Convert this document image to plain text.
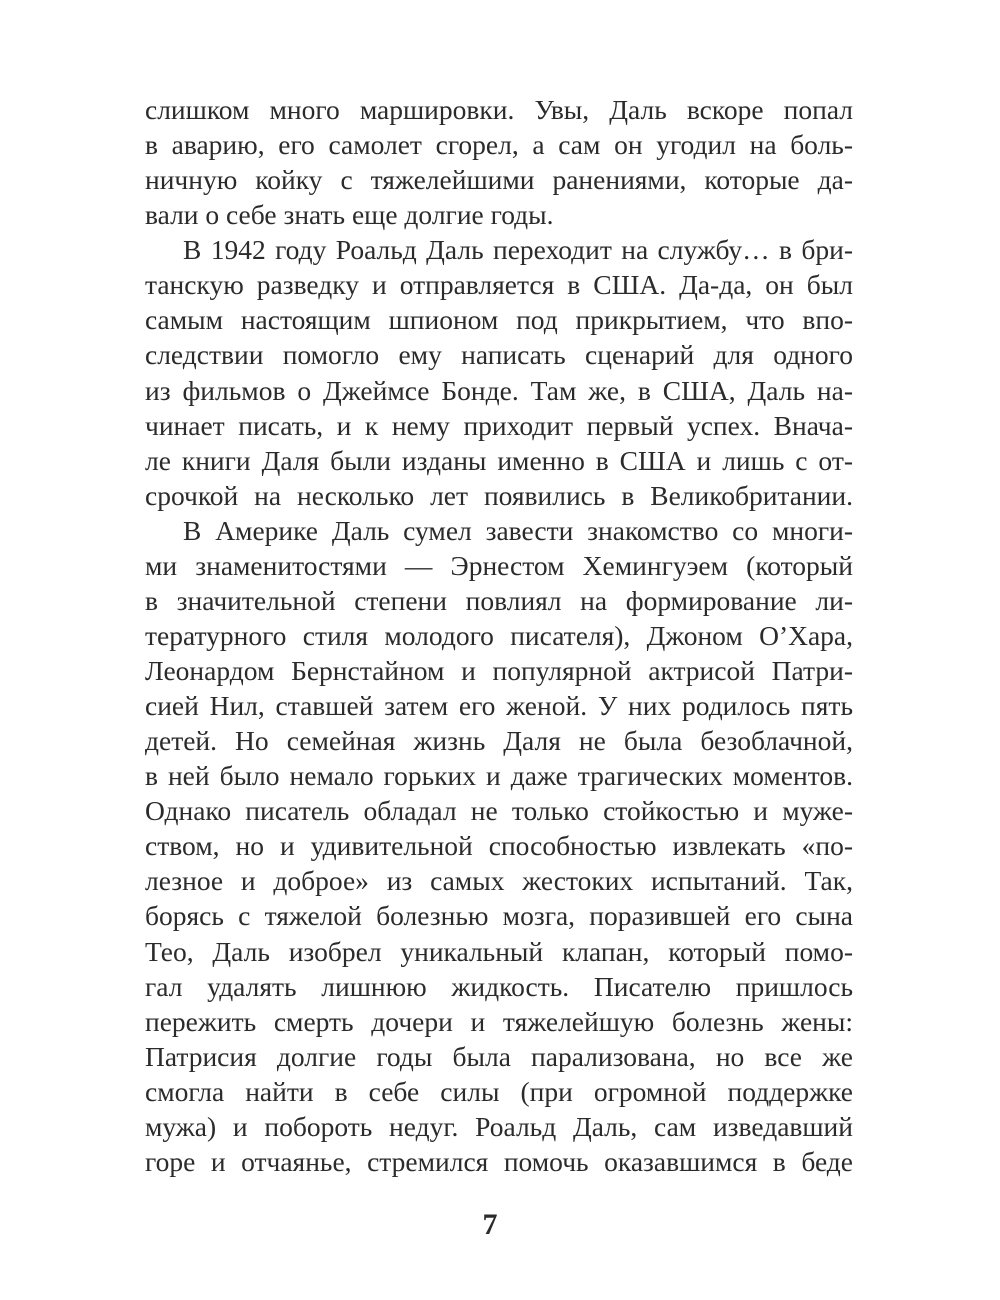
слишком много маршировки. Увы, Даль вскоре попал
в аварию, его самолет сгорел, а сам он угодил на боль-
ничную койку с тяжелейшими ранениями, которые да-
вали о себе знать еще долгие годы.
В 1942 году Роальд Даль переходит на службу… в бри-
танскую разведку и отправляется в США. Да-да, он был
самым настоящим шпионом под прикрытием, что впо-
следствии помогло ему написать сценарий для одного
из фильмов о Джеймсе Бонде. Там же, в США, Даль на-
чинает писать, и к нему приходит первый успех. Внача-
ле книги Даля были изданы именно в США и лишь с от-
срочкой на несколько лет появились в Великобритании.
В Америке Даль сумел завести знакомство со многи-
ми знаменитостями — Эрнестом Хемингуэем (который
в значительной степени повлиял на формирование ли-
тературного стиля молодого писателя), Джоном О’Хара,
Леонардом Бернстайном и популярной актрисой Патри-
сией Нил, ставшей затем его женой. У них родилось пять
детей. Но семейная жизнь Даля не была безоблачной,
в ней было немало горьких и даже трагических моментов.
Однако писатель обладал не только стойкостью и муже-
ством, но и удивительной способностью извлекать «по-
лезное и доброе» из самых жестоких испытаний. Так,
борясь с тяжелой болезнью мозга, поразившей его сына
Тео, Даль изобрел уникальный клапан, который помо-
гал удалять лишнюю жидкость. Писателю пришлось
пережить смерть дочери и тяжелейшую болезнь жены:
Патрисия долгие годы была парализована, но все же
смогла найти в себе силы (при огромной поддержке
мужа) и побороть недуг. Роальд Даль, сам изведавший
горе и отчаянье, стремился помочь оказавшимся в беде
7
